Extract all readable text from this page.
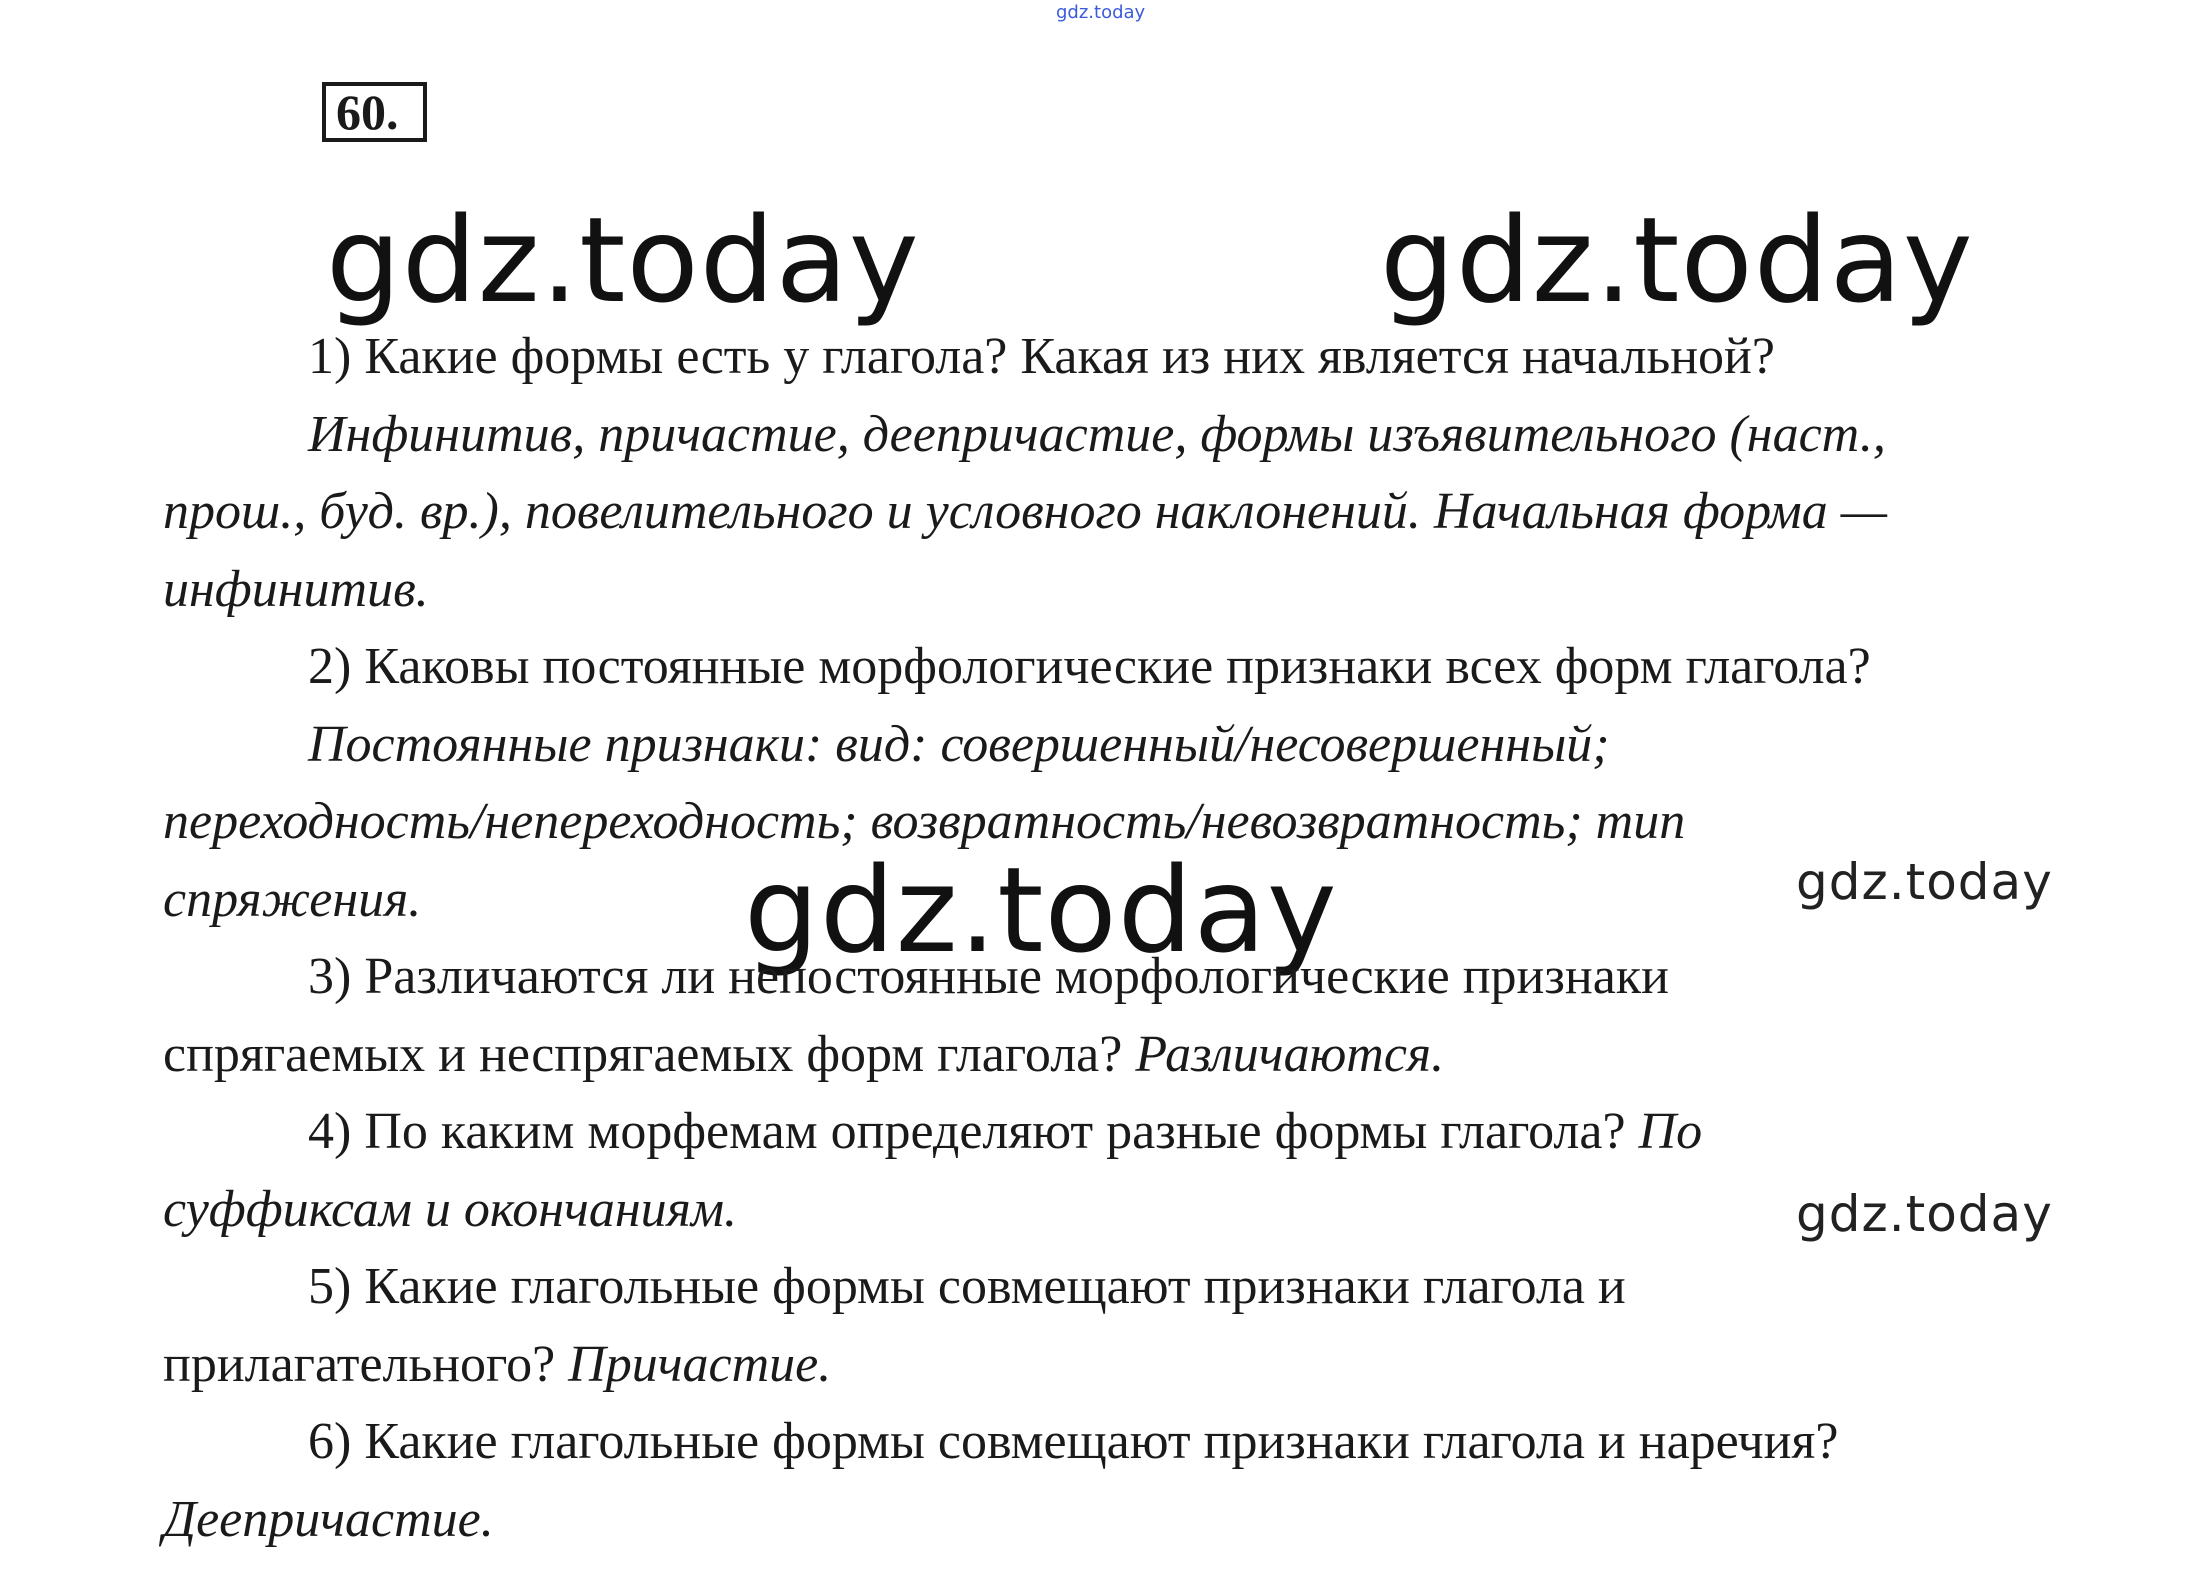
gdz.today
60.
gdz.today	gdz.today
gdz.today	gdz.today
gdz.today
1) Какие формы есть у глагола? Какая из них является начальной?
Инфинитив, причастие, деепричастие, формы изъявительного (наст.,
прош., буд. вр.), повелительного и условного наклонений. Начальная форма —
инфинитив.
2) Каковы постоянные морфологические признаки всех форм глагола?
Постоянные признаки: вид: совершенный/несовершенный;
переходность/непереходность; возвратность/невозвратность; тип
спряжения.
3) Различаются ли непостоянные морфологические признаки
спрягаемых и неспрягаемых форм глагола? Различаются.
4) По каким морфемам определяют разные формы глагола? По
суффиксам и окончаниям.
5) Какие глагольные формы совмещают признаки глагола и
прилагательного? Причастие.
6) Какие глагольные формы совмещают признаки глагола и наречия?
Деепричастие.
